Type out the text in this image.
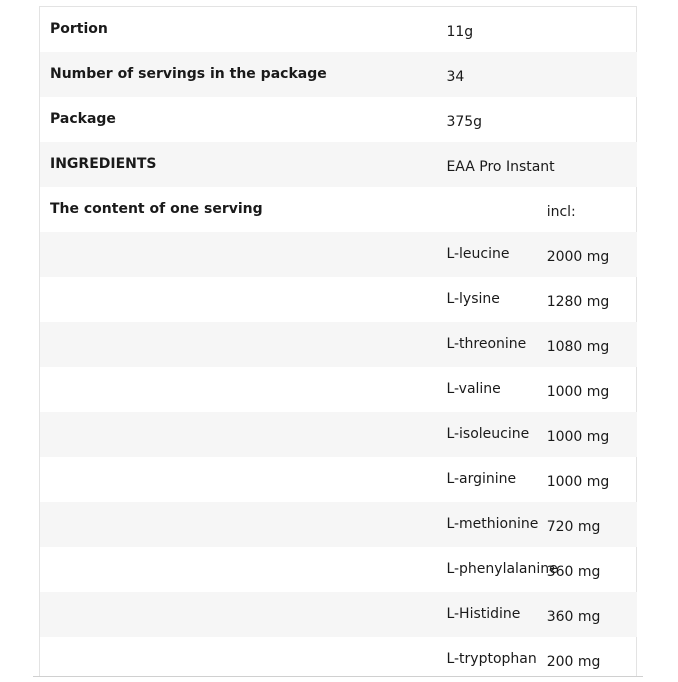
Portion	11g	
Number of servings in the package	34	
Package	375g	
INGREDIENTS	EAA Pro Instant	
The content of one serving		incl:
	L-leucine	2000 mg
	L-lysine	1280 mg
	L-threonine	1080 mg
	L-valine	1000 mg
	L-isoleucine	1000 mg
	L-arginine	1000 mg
	L-methionine	720 mg
	L-phenylalanine	360 mg
	L-Histidine	360 mg
	L-tryptophan	200 mg
